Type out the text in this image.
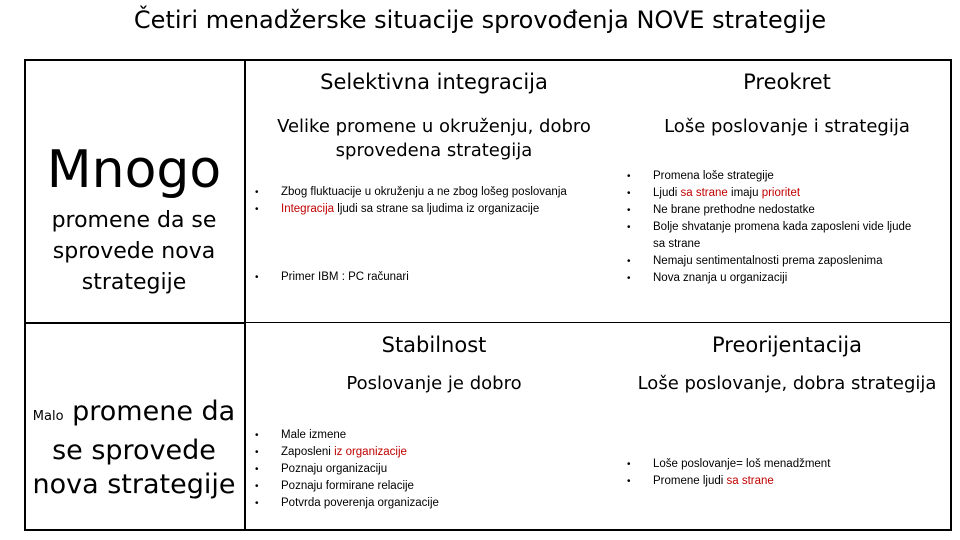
Četiri menadžerske situacije sprovođenja NOVE strategije
Mnogo
promene da se sprovede nova strategije
Malo promene da
se sprovede
nova strategije
Selektivna integracija
Velike promene u okruženju, dobro sprovedena strategija
• Zbog fluktuacije u okruženju a ne zbog lošeg poslovanja
• Integracija ljudi sa strane sa ljudima iz organizacije
• Primer IBM : PC računari
Preokret
Loše poslovanje i strategija
• Promena loše strategije
• Ljudi sa strane imaju prioritet
• Ne brane prethodne nedostatke
• Bolje shvatanje promena kada zaposleni vide ljude sa strane
• Nemaju sentimentalnosti prema zaposlenima
• Nova znanja u organizaciji
Stabilnost
Poslovanje je dobro
• Male izmene
• Zaposleni iz organizacije
• Poznaju organizaciju
• Poznaju formirane relacije
• Potvrda poverenja organizacije
Preorijentacija
Loše poslovanje, dobra strategija
• Loše poslovanje= loš menadžment
• Promene ljudi sa strane
